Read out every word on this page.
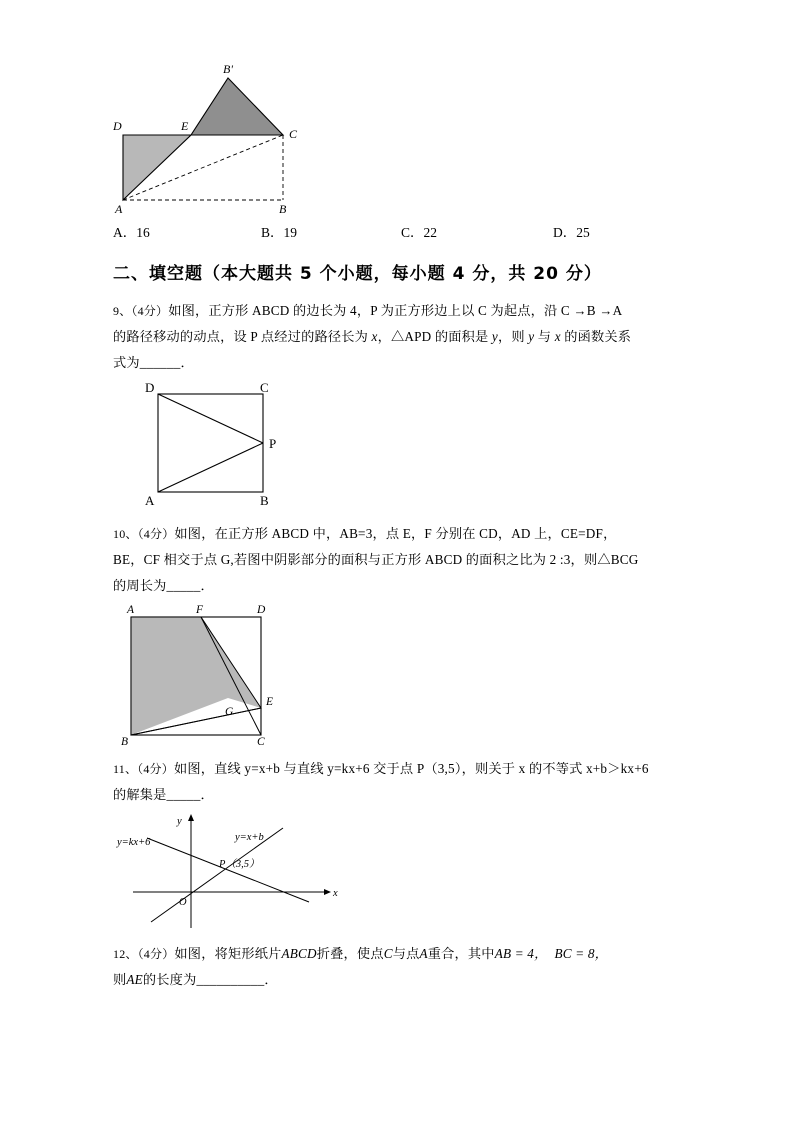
B'
D	E
C
A	B
A．16	B．19	C．22	D．25
二、填空题（本大题共 5 个小题，每小题 4 分，共 20 分）
9、（4分）如图，正方形 ABCD 的边长为 4，P 为正方形边上以 C 为起点，沿 C →B →A
的路径移动的动点，设 P 点经过的路径长为 x，△APD 的面积是 y，则 y 与 x 的函数关系
式为______．
D	C
P
A	B
10、（4分）如图，在正方形 ABCD 中，AB=3，点 E，F 分别在 CD，AD 上，CE=DF，
BE，CF 相交于点 G,若图中阴影部分的面积与正方形 ABCD 的面积之比为 2 :3，则△BCG
的周长为_____．
A	F	D
E
G
B	C
11、（4分）如图，直线 y=x+b 与直线 y=kx+6 交于点 P（3,5），则关于 x 的不等式 x+b＞kx+6
的解集是_____．
y
x
O
y=kx+6	y=x+b
P（3,5）
12、（4分）如图，将矩形纸片ABCD折叠，使点C与点A重合，其中AB = 4， BC = 8，
则AE的长度为__________．
